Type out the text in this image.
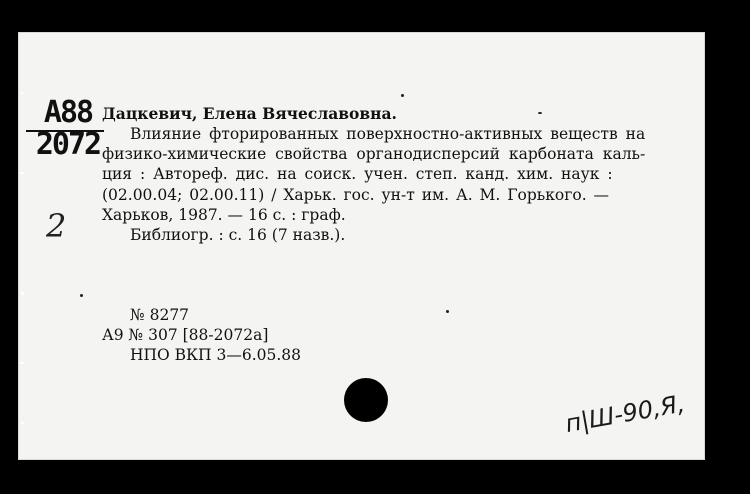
А88
2072
2
Дацкевич, Елена Вячеславовна.
Влияние фторированных поверхностно-активных веществ на
физико-химические свойства органодисперсий карбоната каль-
ция : Автореф. дис. на соиск. учен. степ. канд. хим. наук :
(02.00.04; 02.00.11) / Харьк. гос. ун-т им. А. М. Горького. —
Харьков, 1987. — 16 с. : граф.
Библиогр. : с. 16 (7 назв.).
№ 8277
А9 № 307 [88-2072а]
НПО ВКП 3—6.05.88
п|Ш-90,Я,
